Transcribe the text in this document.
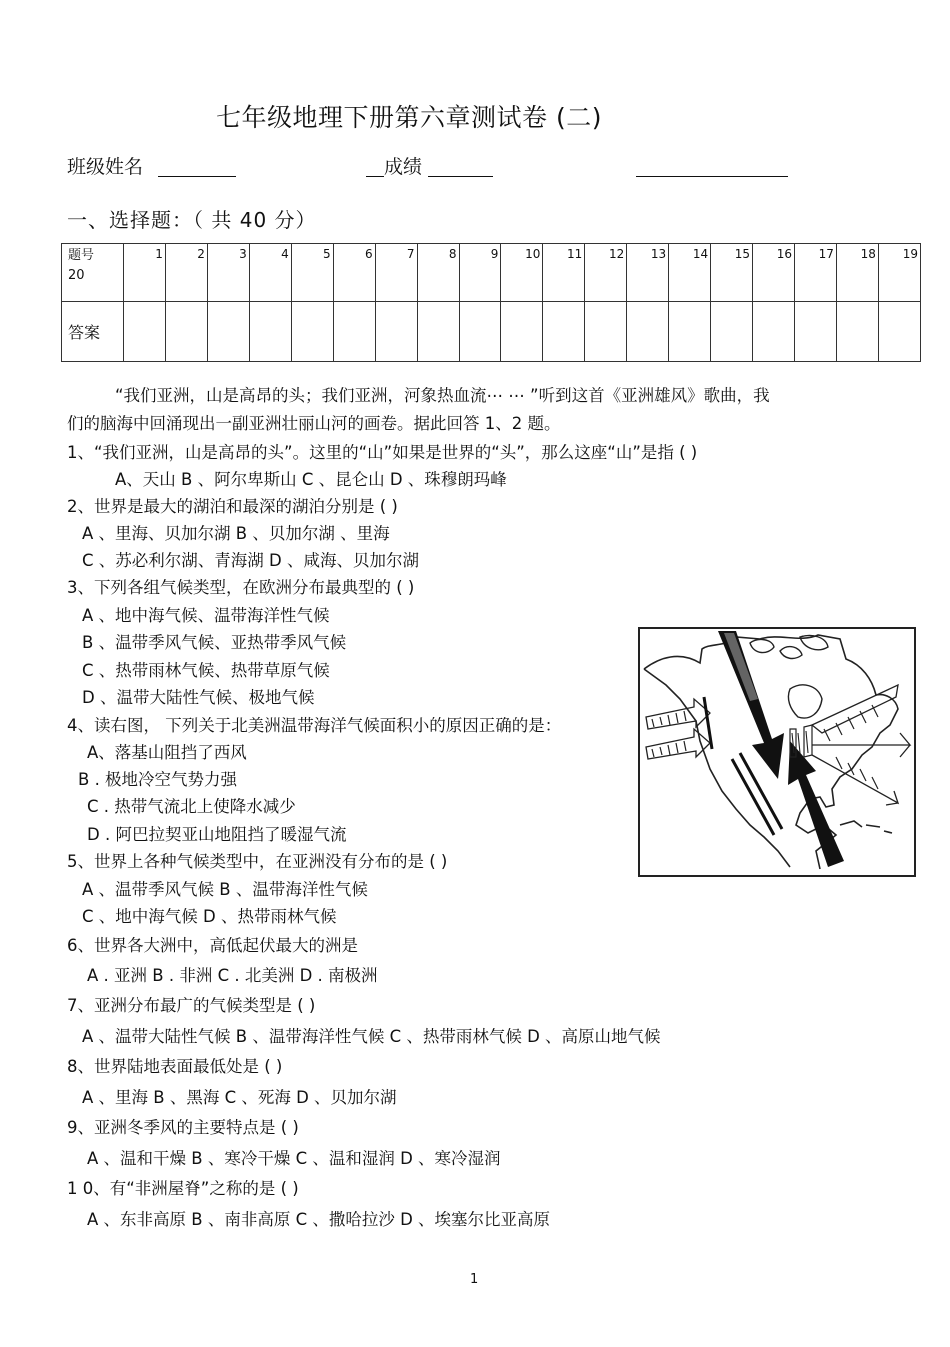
七年级地理下册第六章测试卷 (二)
班级姓名	成绩
一、选择题：（ 共 40 分）
题号
20	1	2	3	4	5	6	7	8	9	10	11	12	13	14	15	16	17	18	19
答案																			
“我们亚洲，山是高昂的头；我们亚洲，河象热血流⋯ ⋯ ”听到这首《亚洲雄风》歌曲，我
们的脑海中回涌现出一副亚洲壮丽山河的画卷。据此回答 1、2 题。
1、“我们亚洲，山是高昂的头”。这里的“山”如果是世界的“头”，那么这座“山”是指 ( )
A、天山 B 、阿尔卑斯山 C 、昆仑山 D 、珠穆朗玛峰
2、世界是最大的湖泊和最深的湖泊分别是 ( )
A 、里海、贝加尔湖 B 、贝加尔湖 、里海
C 、苏必利尔湖、青海湖 D 、咸海、贝加尔湖
3、下列各组气候类型，在欧洲分布最典型的 ( )
A 、地中海气候、温带海洋性气候
B 、温带季风气候、亚热带季风气候
C 、热带雨林气候、热带草原气候
D 、温带大陆性气候、极地气候
4、读右图， 下列关于北美洲温带海洋气候面积小的原因正确的是：
A、落基山阻挡了西风
B . 极地冷空气势力强
C . 热带气流北上使降水减少
D . 阿巴拉契亚山地阻挡了暖湿气流
5、世界上各种气候类型中，在亚洲没有分布的是 ( )
A 、温带季风气候 B 、温带海洋性气候
C 、地中海气候 D 、热带雨林气候
6、世界各大洲中，高低起伏最大的洲是
A . 亚洲 B . 非洲 C . 北美洲 D . 南极洲
7、亚洲分布最广的气候类型是 ( )
A 、温带大陆性气候 B 、温带海洋性气候 C 、热带雨林气候 D 、高原山地气候
8、世界陆地表面最低处是 ( )
A 、里海 B 、黑海 C 、死海 D 、贝加尔湖
9、亚洲冬季风的主要特点是 ( )
A 、温和干燥 B 、寒冷干燥 C 、温和湿润 D 、寒冷湿润
1 0、有“非洲屋脊”之称的是 ( )
A 、东非高原 B 、南非高原 C 、撒哈拉沙 D 、埃塞尔比亚高原
1
